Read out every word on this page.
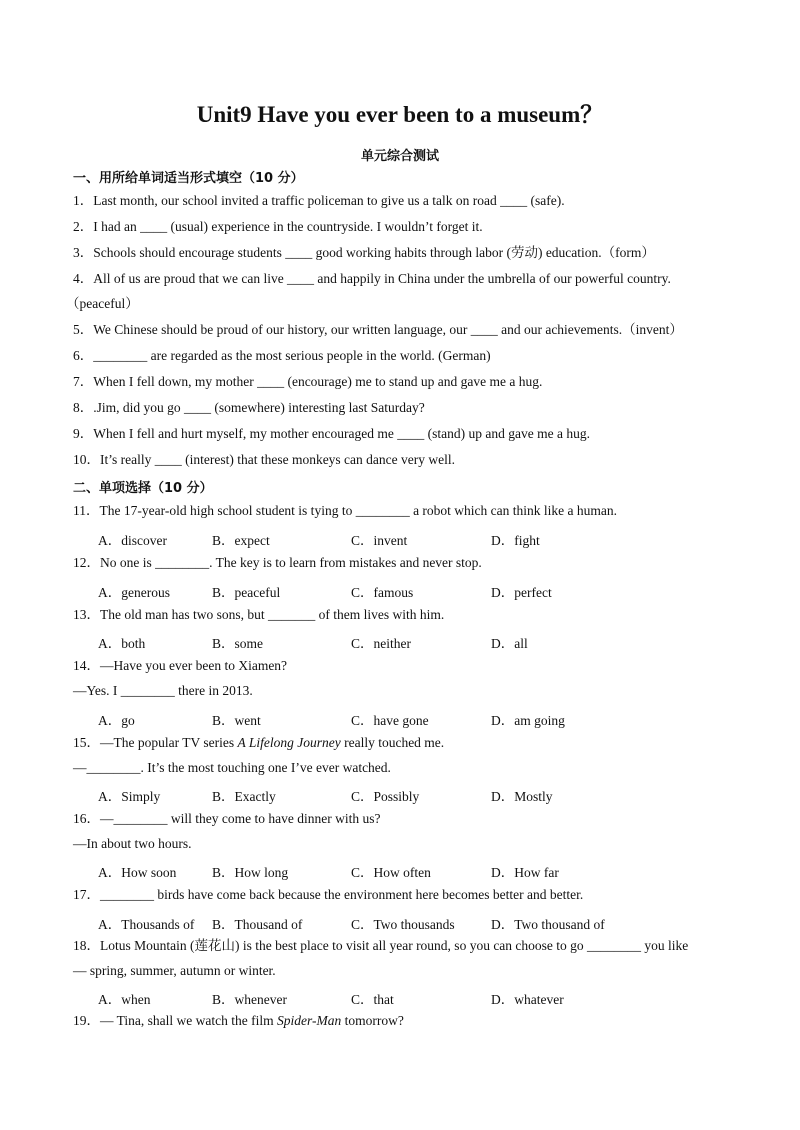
Unit9 Have you ever been to a museum？
单元综合测试
一、用所给单词适当形式填空（10 分）
1．Last month, our school invited a traffic policeman to give us a talk on road ____ (safe).
2．I had an ____ (usual) experience in the countryside. I wouldn’t forget it.
3．Schools should encourage students ____ good working habits through labor (劳动) education.（form）
4．All of us are proud that we can live ____ and happily in China under the umbrella of our powerful country.
（peaceful）
5．We Chinese should be proud of our history, our written language, our ____ and our achievements.（invent）
6．________ are regarded as the most serious people in the world. (German)
7．When I fell down, my mother ____ (encourage) me to stand up and gave me a hug.
8．.Jim, did you go ____ (somewhere) interesting last Saturday?
9．When I fell and hurt myself, my mother encouraged me ____ (stand) up and gave me a hug.
10．It’s really ____ (interest) that these monkeys can dance very well.
二、单项选择（10 分）
11．The 17-year-old high school student is tying to ________ a robot which can think like a human.
A．discover	B．expect	C．invent	D．fight
12．No one is ________. The key is to learn from mistakes and never stop.
A．generous	B．peaceful	C．famous	D．perfect
13．The old man has two sons, but _______ of them lives with him.
A．both	B．some	C．neither	D．all
14．—Have you ever been to Xiamen?
—Yes. I ________ there in 2013.
A．go	B．went	C．have gone	D．am going
15．—The popular TV series A Lifelong Journey really touched me.
—________. It’s the most touching one I’ve ever watched.
A．Simply	B．Exactly	C．Possibly	D．Mostly
16．—________ will they come to have dinner with us?
—In about two hours.
A．How soon	B．How long	C．How often	D．How far
17．________ birds have come back because the environment here becomes better and better.
A．Thousands of B．Thousand of	C．Two thousands	D．Two thousand of
18．Lotus Mountain (莲花山) is the best place to visit all year round, so you can choose to go ________ you like
— spring, summer, autumn or winter.
A．when	B．whenever	C．that	D．whatever
19．— Tina, shall we watch the film Spider-Man tomorrow?
